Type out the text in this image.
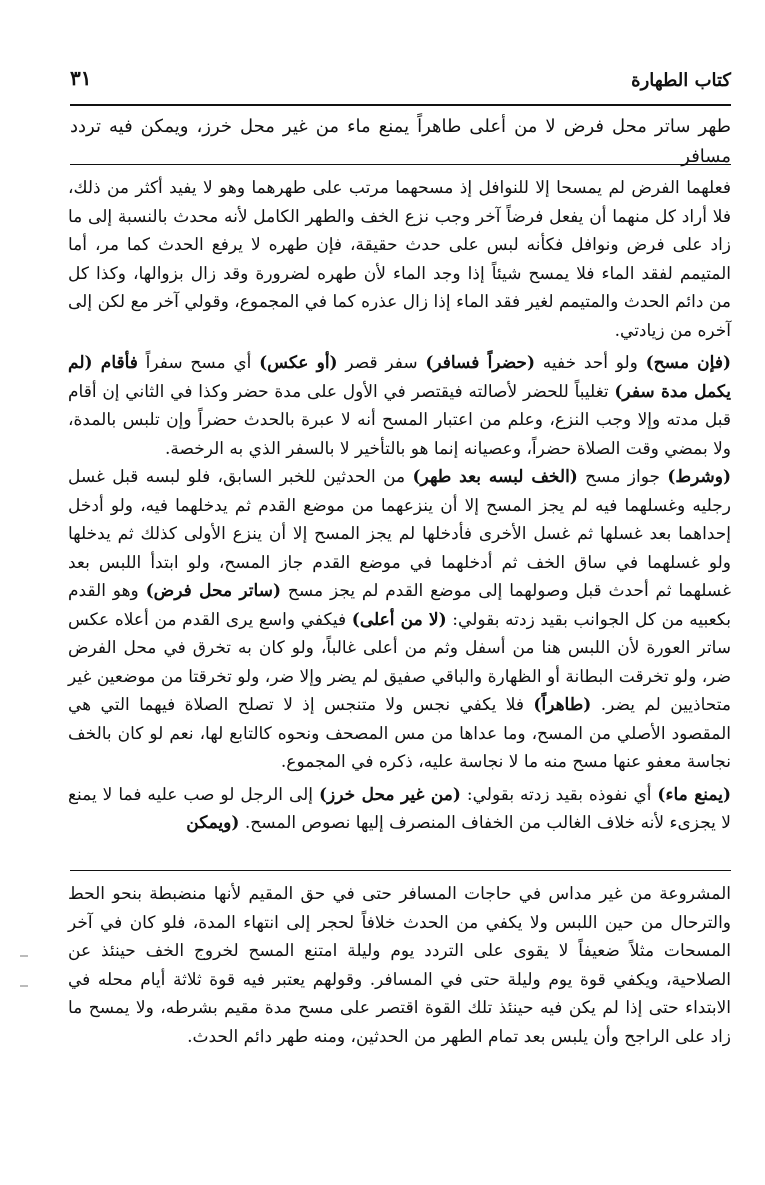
٣١	كتاب الطهارة
طهر ساتر محل فرض لا من أعلى طاهراً يمنع ماء من غير محل خرز، ويمكن فيه تردد مسافر

فعلهما الفرض لم يمسحا إلا للنوافل إذ مسحهما مرتب على طهرهما وهو لا يفيد أكثر من ذلك، فلا أراد كل منهما أن يفعل فرضاً آخر وجب نزع الخف والطهر الكامل لأنه محدث بالنسبة إلى ما زاد على فرض ونوافل فكأنه لبس على حدث حقيقة، فإن طهره لا يرفع الحدث كما مر، أما المتيمم لفقد الماء فلا يمسح شيئاً إذا وجد الماء لأن طهره لضرورة وقد زال بزوالها، وكذا كل من دائم الحدث والمتيمم لغير فقد الماء إذا زال عذره كما في المجموع، وقولي آخر مع لكن إلى آخره من زيادتي.

(فإن مسح) ولو أحد خفيه (حضراً فسافر) سفر قصر (أو عكس) أي مسح سفراً فأقام (لم يكمل مدة سفر) تغليباً للحضر لأصالته فيقتصر في الأول على مدة حضر وكذا في الثاني إن أقام قبل مدته وإلا وجب النزع، وعلم من اعتبار المسح أنه لا عبرة بالحدث حضراً وإن تلبس بالمدة، ولا بمضي وقت الصلاة حضراً، وعصيانه إنما هو بالتأخير لا بالسفر الذي به الرخصة.

(وشرط) جواز مسح (الخف لبسه بعد طهر) من الحدثين للخبر السابق، فلو لبسه قبل غسل رجليه وغسلهما فيه لم يجز المسح إلا أن ينزعهما من موضع القدم ثم يدخلهما فيه، ولو أدخل إحداهما بعد غسلها ثم غسل الأخرى فأدخلها لم يجز المسح إلا أن ينزع الأولى كذلك ثم يدخلها ولو غسلهما في ساق الخف ثم أدخلهما في موضع القدم جاز المسح، ولو ابتدأ اللبس بعد غسلهما ثم أحدث قبل وصولهما إلى موضع القدم لم يجز مسح (ساتر محل فرض) وهو القدم بكعبيه من كل الجوانب بقيد زدته بقولي: (لا من أعلى) فيكفي واسع يرى القدم من أعلاه عكس ساتر العورة لأن اللبس هنا من أسفل وثم من أعلى غالباً، ولو كان به تخرق في محل الفرض ضر، ولو تخرقت البطانة أو الظهارة والباقي صفيق لم يضر وإلا ضر، ولو تخرقتا من موضعين غير متحاذيين لم يضر. (طاهراً) فلا يكفي نجس ولا متنجس إذ لا تصلح الصلاة فيهما التي هي المقصود الأصلي من المسح، وما عداها من مس المصحف ونحوه كالتابع لها، نعم لو كان بالخف نجاسة معفو عنها مسح منه ما لا نجاسة عليه، ذكره في المجموع.

(يمنع ماء) أي نفوذه بقيد زدته بقولي: (من غير محل خرز) إلى الرجل لو صب عليه فما لا يمنع لا يجزىء لأنه خلاف الغالب من الخفاف المنصرف إليها نصوص المسح. (ويمكن

المشروعة من غير مداس في حاجات المسافر حتى في حق المقيم لأنها منضبطة بنحو الحط والترحال من حين اللبس ولا يكفي من الحدث خلافاً لحجر إلى انتهاء المدة، فلو كان في آخر المسحات مثلاً ضعيفاً لا يقوى على التردد يوم وليلة امتنع المسح لخروج الخف حينئذ عن الصلاحية، ويكفي قوة يوم وليلة حتى في المسافر. وقولهم يعتبر فيه قوة ثلاثة أيام محله في الابتداء حتى إذا لم يكن فيه حينئذ تلك القوة اقتصر على مسح مدة مقيم بشرطه، ولا يمسح ما زاد على الراجح وأن يلبس بعد تمام الطهر من الحدثين، ومنه طهر دائم الحدث.
